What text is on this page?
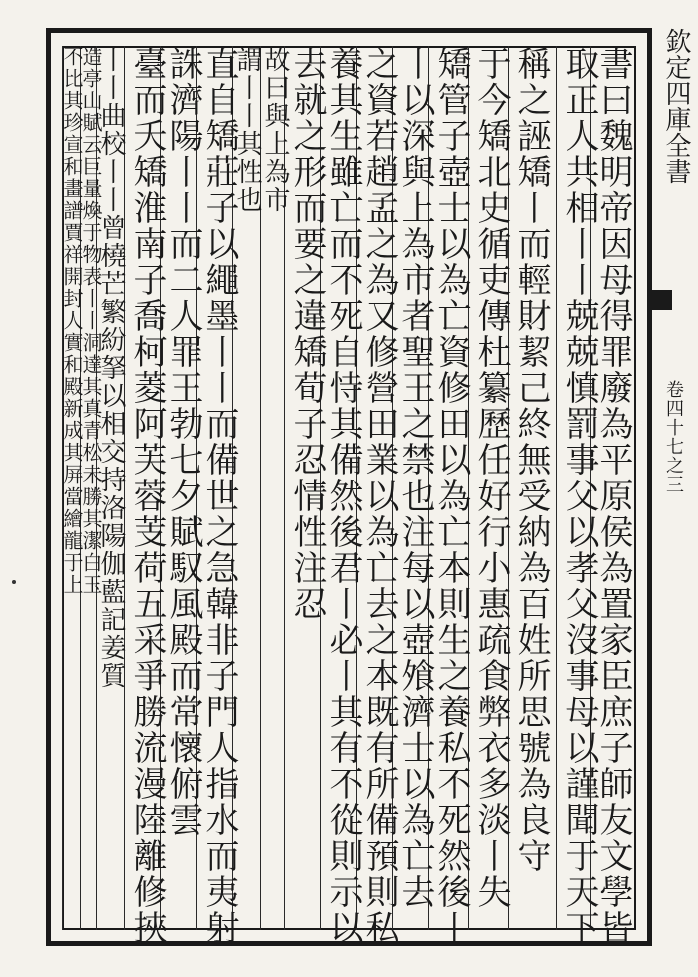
欽定四庫全書
卷四十七之三
書曰魏明帝因母得罪廢為平原侯為置家臣庶子師友文學皆
取正人共相丨丨兢兢慎罰事父以孝父沒事母以謹聞于天下
稱之誣矯丨而輕財絜己終無受納為百姓所思號為良守
于今矯北史循吏傳杜纂歷任好行小惠疏食弊衣多淡丨失
矯管子壺士以為亡資修田以為亡本則生之養私不死然後丨
丨以深與上為市者聖王之禁也注每以壺飧濟士以為亡去
之資若趙孟之為又修營田業以為亡去之本既有所備預則私
養其生雖亡而不死自恃其備然後君丨必丨其有不從則示以
去就之形而要之違矯荀子忍情性注忍
故曰與上為市
謂丨丨其性也
直自矯莊子以繩墨丨丨而備世之急韓非子門人指水而夷射
誅濟陽丨丨而二人罪王勃七夕賦馭風殿而常懷俯雲
臺而夭矯淮南子喬柯菱阿芙蓉芰荷五采爭勝流漫陸離修挾
丨丨曲校丨丨曾橈芒繁紛拏以相交持洛陽伽藍記姜質
造亭山賦云巨量煥于物表丨丨洞達其真青松未勝其潔白玉
不比其珍宣和畫譜賈祥開封人實和殿新成其屏當繪龍于上
